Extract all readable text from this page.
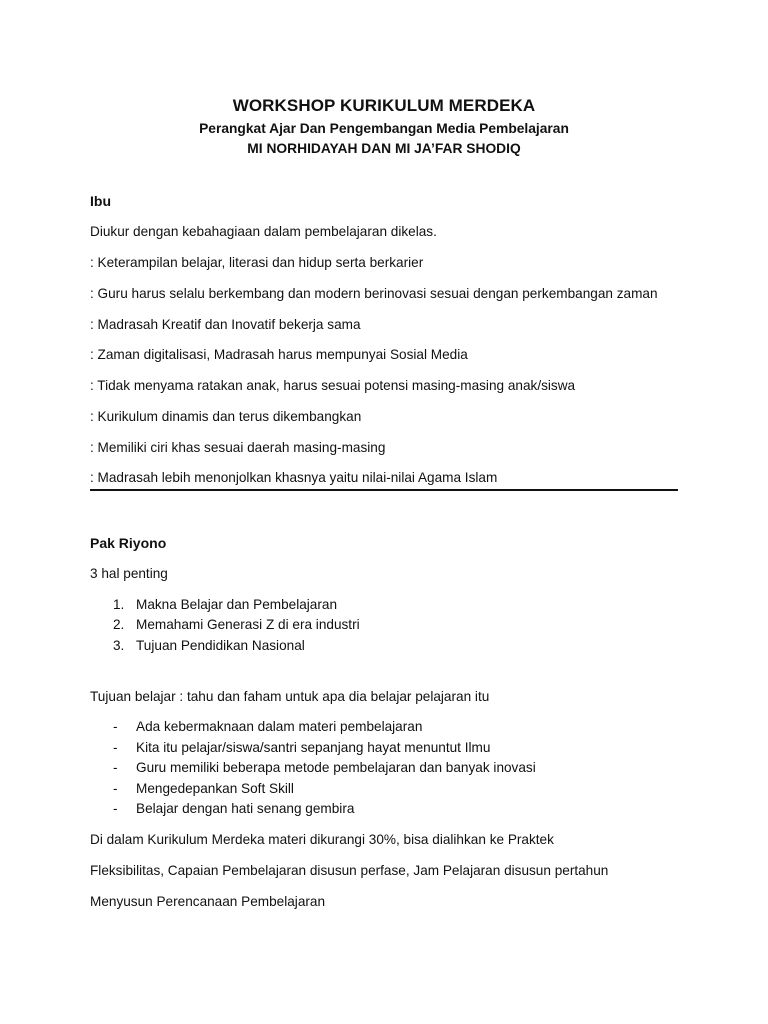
WORKSHOP KURIKULUM MERDEKA
Perangkat Ajar Dan Pengembangan Media Pembelajaran
MI NORHIDAYAH DAN MI JA’FAR SHODIQ
Ibu
Diukur dengan kebahagiaan dalam pembelajaran dikelas.
: Keterampilan belajar, literasi dan hidup serta berkarier
: Guru harus selalu berkembang dan modern berinovasi sesuai dengan perkembangan zaman
: Madrasah Kreatif dan Inovatif bekerja sama
: Zaman digitalisasi, Madrasah harus mempunyai Sosial Media
: Tidak menyama ratakan anak, harus sesuai potensi masing-masing anak/siswa
: Kurikulum dinamis dan terus dikembangkan
: Memiliki ciri khas sesuai daerah masing-masing
: Madrasah lebih menonjolkan khasnya yaitu nilai-nilai Agama Islam
Pak Riyono
3 hal penting
1. Makna Belajar dan Pembelajaran
2. Memahami Generasi Z di era industri
3. Tujuan Pendidikan Nasional
Tujuan belajar : tahu dan faham untuk apa dia belajar pelajaran itu
- Ada kebermaknaan dalam materi pembelajaran
- Kita itu pelajar/siswa/santri sepanjang hayat menuntut Ilmu
- Guru memiliki beberapa metode pembelajaran dan banyak inovasi
- Mengedepankan Soft Skill
- Belajar dengan hati senang gembira
Di dalam Kurikulum Merdeka materi dikurangi 30%, bisa dialihkan ke Praktek
Fleksibilitas, Capaian Pembelajaran disusun perfase, Jam Pelajaran disusun pertahun
Menyusun Perencanaan Pembelajaran
